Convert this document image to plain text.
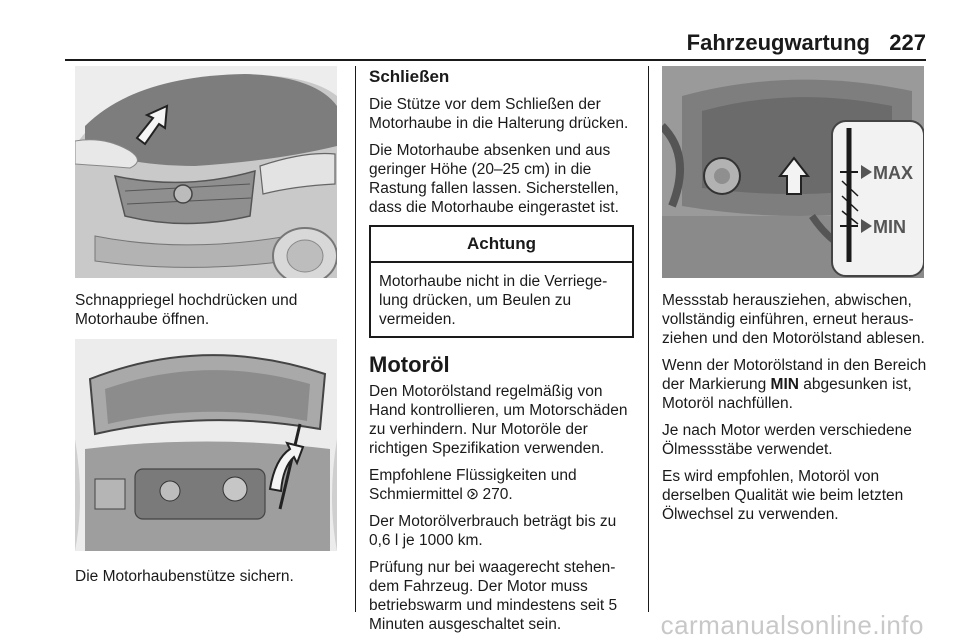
Fahrzeugwartung 227

Schnappriegel hochdrücken und Motorhaube öffnen.

Die Motorhaubenstütze sichern.

Schließen

Die Stütze vor dem Schließen der Motorhaube in die Halterung drücken.

Die Motorhaube absenken und aus geringer Höhe (20–25 cm) in die Rastung fallen lassen. Sicherstellen, dass die Motorhaube eingerastet ist.

Achtung
Motorhaube nicht in die Verriegelung drücken, um Beulen zu vermeiden.
Motoröl

Den Motorölstand regelmäßig von Hand kontrollieren, um Motorschäden zu verhindern. Nur Motoröle der richtigen Spezifikation verwenden.

Empfohlene Flüssigkeiten und Schmiermittel  270.

Der Motorölverbrauch beträgt bis zu 0,6 l je 1000 km.

Prüfung nur bei waagerecht stehendem Fahrzeug. Der Motor muss betriebswarm und mindestens seit 5 Minuten ausgeschaltet sein.

MAX
MIN

Messstab herausziehen, abwischen, vollständig einführen, erneut herausziehen und den Motorölstand ablesen.

Wenn der Motorölstand in den Bereich der Markierung MIN abgesunken ist, Motoröl nachfüllen.

Je nach Motor werden verschiedene Ölmessstäbe verwendet.

Es wird empfohlen, Motoröl von derselben Qualität wie beim letzten Ölwechsel zu verwenden.

carmanualsonline.info
